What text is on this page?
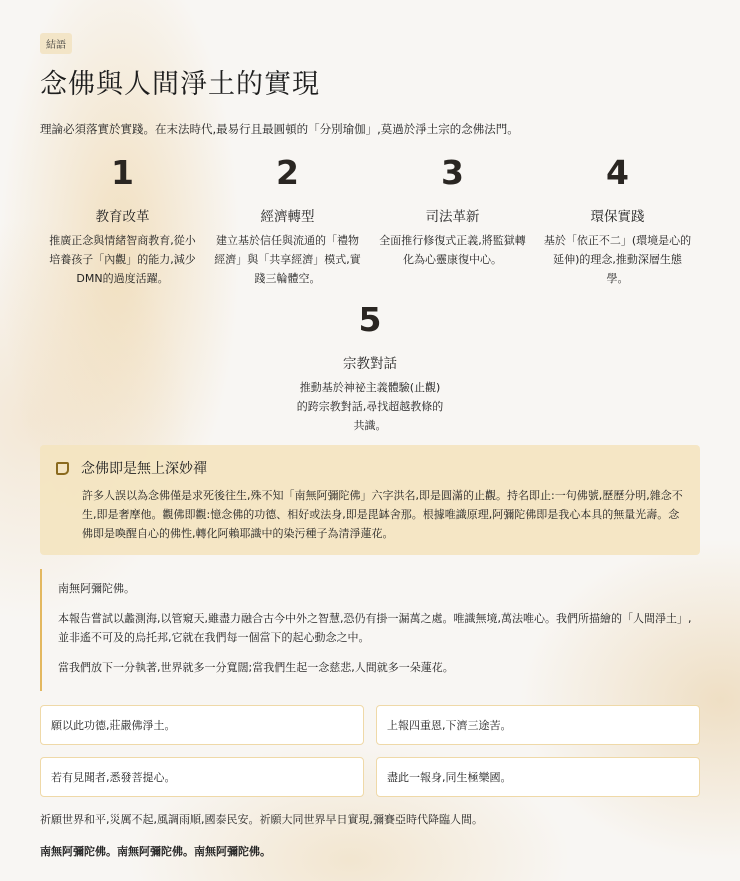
結語
念佛與人間淨土的實現

理論必須落實於實踐。在末法時代,最易行且最圓頓的「分別瑜伽」,莫過於淨土宗的念佛法門。

1
教育改革
推廣正念與情緒智商教育,從小培養孩子「內觀」的能力,減少DMN的過度活躍。
2
經濟轉型
建立基於信任與流通的「禮物經濟」與「共享經濟」模式,實踐三輪體空。
3
司法革新
全面推行修復式正義,將監獄轉化為心靈康復中心。
4
環保實踐
基於「依正不二」(環境是心的延伸)的理念,推動深層生態學。
5
宗教對話
推動基於神祕主義體驗(止觀)的跨宗教對話,尋找超越教條的共識。
念佛即是無上深妙禪

許多人誤以為念佛僅是求死後往生,殊不知「南無阿彌陀佛」六字洪名,即是圓滿的止觀。持名即止:一句佛號,歷歷分明,雜念不生,即是奢摩他。觀佛即觀:憶念佛的功德、相好或法身,即是毘缽舍那。根據唯識原理,阿彌陀佛即是我心本具的無量光壽。念佛即是喚醒自心的佛性,轉化阿賴耶識中的染污種子為清淨蓮花。

南無阿彌陀佛。

本報告嘗試以蠡測海,以管窺天,雖盡力融合古今中外之智慧,恐仍有掛一漏萬之處。唯識無境,萬法唯心。我們所描繪的「人間淨土」,並非遙不可及的烏托邦,它就在我們每一個當下的起心動念之中。

當我們放下一分執著,世界就多一分寬闊;當我們生起一念慈悲,人間就多一朵蓮花。

願以此功德,莊嚴佛淨土。	上報四重恩,下濟三途苦。
若有見聞者,悉發菩提心。	盡此一報身,同生極樂國。

祈願世界和平,災厲不起,風調雨順,國泰民安。祈願大同世界早日實現,彌賽亞時代降臨人間。

南無阿彌陀佛。南無阿彌陀佛。南無阿彌陀佛。
